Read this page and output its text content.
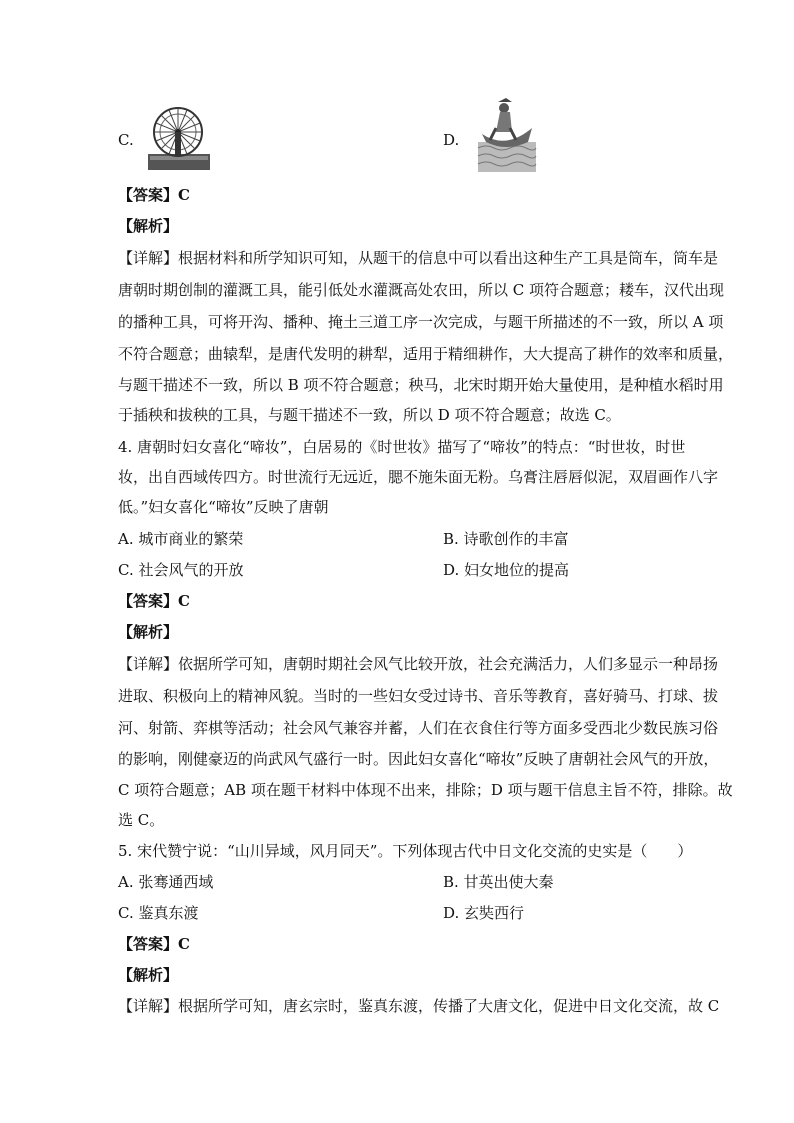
C.	D.
【答案】C
【解析】
【详解】根据材料和所学知识可知，从题干的信息中可以看出这种生产工具是筒车，筒车是
唐朝时期创制的灌溉工具，能引低处水灌溉高处农田，所以 C 项符合题意；耧车，汉代出现
的播种工具，可将开沟、播种、掩土三道工序一次完成，与题干所描述的不一致，所以 A 项
不符合题意；曲辕犁，是唐代发明的耕犁，适用于精细耕作，大大提高了耕作的效率和质量，
与题干描述不一致，所以 B 项不符合题意；秧马，北宋时期开始大量使用，是种植水稻时用
于插秧和拔秧的工具，与题干描述不一致，所以 D 项不符合题意；故选 C。
4. 唐朝时妇女喜化“啼妆”，白居易的《时世妆》描写了“啼妆”的特点：“时世妆，时世
妆，出自西域传四方。时世流行无远近，腮不施朱面无粉。乌膏注唇唇似泥，双眉画作八字
低。”妇女喜化“啼妆”反映了唐朝
A. 城市商业的繁荣	B. 诗歌创作的丰富
C. 社会风气的开放	D. 妇女地位的提高
【答案】C
【解析】
【详解】依据所学可知，唐朝时期社会风气比较开放，社会充满活力，人们多显示一种昂扬
进取、积极向上的精神风貌。当时的一些妇女受过诗书、音乐等教育，喜好骑马、打球、拔
河、射箭、弈棋等活动；社会风气兼容并蓄，人们在衣食住行等方面多受西北少数民族习俗
的影响，刚健豪迈的尚武风气盛行一时。因此妇女喜化“啼妆”反映了唐朝社会风气的开放，
C 项符合题意；AB 项在题干材料中体现不出来，排除；D 项与题干信息主旨不符，排除。故
选 C。
5. 宋代赞宁说：“山川异域，风月同天”。下列体现古代中日文化交流的史实是（　　）
A. 张骞通西域	B. 甘英出使大秦
C. 鉴真东渡	D. 玄奘西行
【答案】C
【解析】
【详解】根据所学可知，唐玄宗时，鉴真东渡，传播了大唐文化，促进中日文化交流，故 C
